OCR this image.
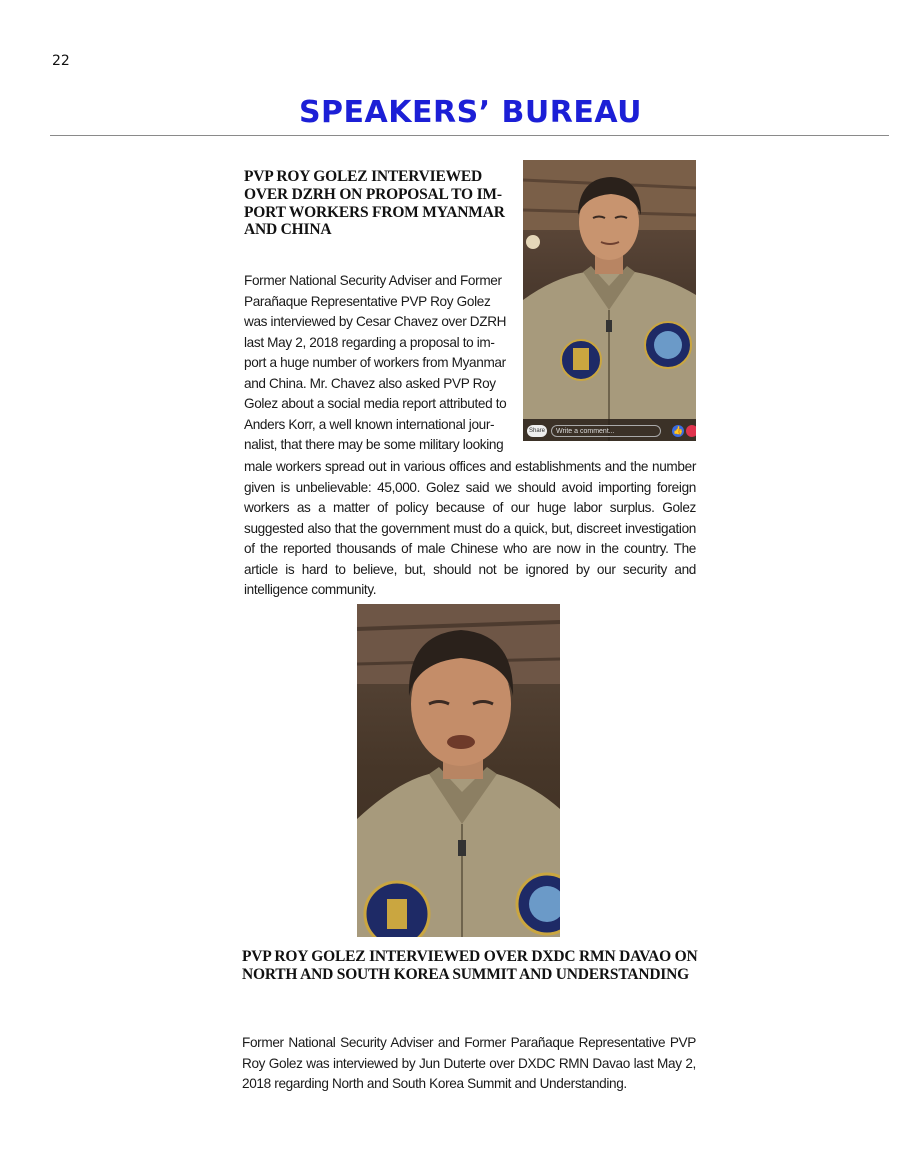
22
SPEAKERS’ BUREAU
PVP ROY GOLEZ INTERVIEWED
OVER DZRH ON PROPOSAL TO IM-
PORT WORKERS FROM MYANMAR
AND CHINA
Former National Security Adviser and Former
Parañaque Representative PVP Roy Golez
was interviewed by Cesar Chavez over DZRH
last May 2, 2018 regarding a proposal to im-
port a huge number of workers from Myanmar
and China. Mr. Chavez also asked PVP Roy
Golez about a social media report attributed to
Anders Korr, a well known international jour-
nalist, that there may be some military looking
male workers spread out in various offices and establishments and the number given is unbelievable: 45,000. Golez said we should avoid importing foreign workers as a matter of policy because of our huge labor surplus. Golez suggested also that the government must do a quick, but, discreet investigation of the reported thousands of male Chinese who are now in the country. The article is hard to believe, but, should not be ignored by our security and intelligence community.
Share	Write a comment...	👍
PVP ROY GOLEZ INTERVIEWED OVER DXDC RMN DAVAO ON NORTH AND SOUTH KOREA SUMMIT AND UNDERSTANDING
Former National Security Adviser and Former Parañaque Representative PVP Roy Golez was interviewed by Jun Duterte over DXDC RMN Davao last May 2, 2018 regarding North and South Korea Summit and Understanding.
